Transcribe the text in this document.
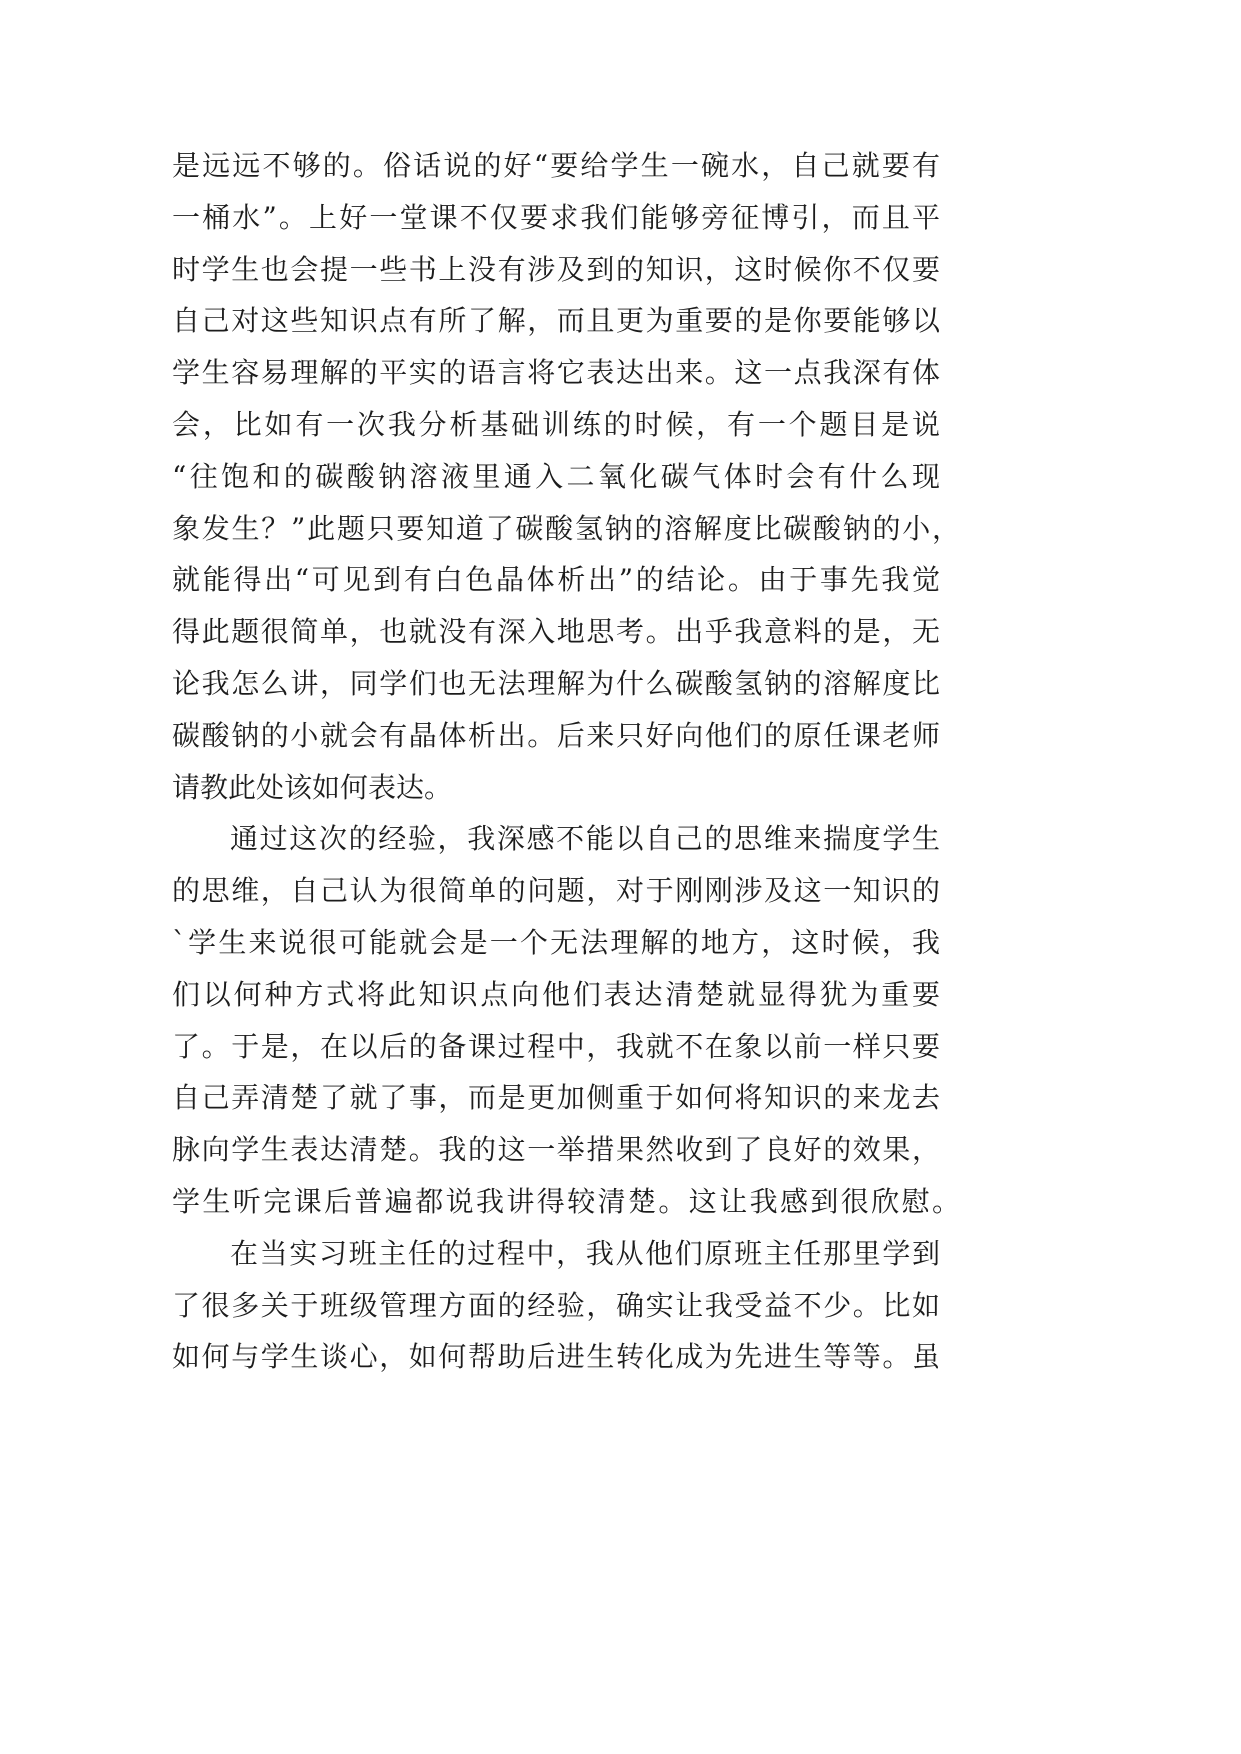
是远远不够的。俗话说的好“要给学生一碗水，自己就要有
一桶水”。上好一堂课不仅要求我们能够旁征博引，而且平
时学生也会提一些书上没有涉及到的知识，这时候你不仅要
自己对这些知识点有所了解，而且更为重要的是你要能够以
学生容易理解的平实的语言将它表达出来。这一点我深有体
会，比如有一次我分析基础训练的时候，有一个题目是说
“往饱和的碳酸钠溶液里通入二氧化碳气体时会有什么现
象发生？”此题只要知道了碳酸氢钠的溶解度比碳酸钠的小，
就能得出“可见到有白色晶体析出”的结论。由于事先我觉
得此题很简单，也就没有深入地思考。出乎我意料的是，无
论我怎么讲，同学们也无法理解为什么碳酸氢钠的溶解度比
碳酸钠的小就会有晶体析出。后来只好向他们的原任课老师
请教此处该如何表达。
通过这次的经验，我深感不能以自己的思维来揣度学生
的思维，自己认为很简单的问题，对于刚刚涉及这一知识的
`学生来说很可能就会是一个无法理解的地方，这时候，我
们以何种方式将此知识点向他们表达清楚就显得犹为重要
了。于是，在以后的备课过程中，我就不在象以前一样只要
自己弄清楚了就了事，而是更加侧重于如何将知识的来龙去
脉向学生表达清楚。我的这一举措果然收到了良好的效果，
学生听完课后普遍都说我讲得较清楚。这让我感到很欣慰。
在当实习班主任的过程中，我从他们原班主任那里学到
了很多关于班级管理方面的经验，确实让我受益不少。比如
如何与学生谈心，如何帮助后进生转化成为先进生等等。虽
